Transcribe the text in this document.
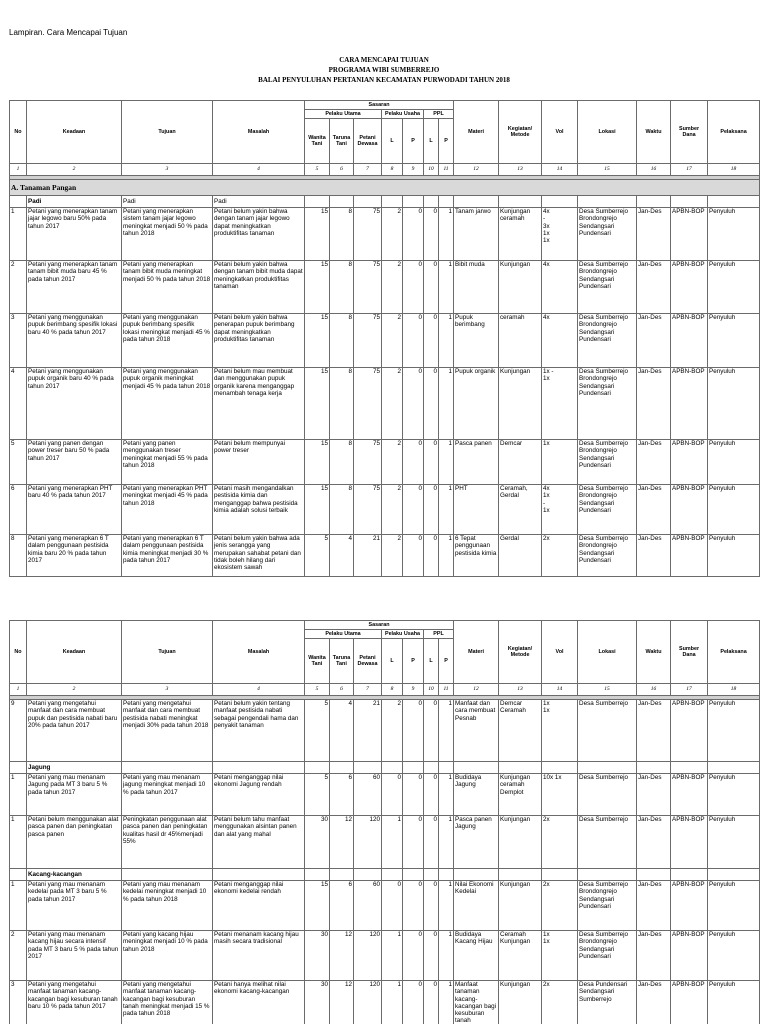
Lampiran. Cara Mencapai Tujuan
CARA MENCAPAI TUJUAN
PROGRAMA WIBI SUMBERREJO
BALAI PENYULUHAN PERTANIAN KECAMATAN PURWODADI TAHUN 2018
No	Keadaan	Tujuan	Masalah	Sasaran							Materi	Kegiatan/ Metode	Vol	Lokasi	Waktu	Sumber Dana	Pelaksana
				Pelaku Utama			Pelaku Usaha		PPL								
				Wanita Tani	Taruna Tani	Petani Dewasa	L	P	L	P							
1	2	3	4	5	6	7	8	9	10	11	12	13	14	15	16	17	18

A. Tanaman Pangan																	
	Padi	Padi	Padi														
1	Petani yang menerapkan tanam jajar legowo baru 50% pada tahun 2017	Petani yang menerapkan sistem tanam jajar legowo meningkat menjadi 50 % pada tahun 2018	Petani belum yakin bahwa dengan tanam jajar legowo dapat meningkatkan produktifitas tanaman	15	8	75	2	0	0	1	Tanam jarwo	Kunjungan ceramah	4x
-
3x
1x
1x	Desa Sumberrejo Brondongrejo Sendangsari Pundensari	Jan-Des	APBN-BOP	Penyuluh
2	Petani yang menerapkan tanam tanam bibit muda baru 45 % pada tahun 2017	Petani yang menerapkan tanam bibit muda meningkat menjadi 50 % pada tahun 2018	Petani belum yakin bahwa dengan tanam bibit muda dapat meningkatkan produktifitas tanaman	15	8	75	2	0	0	1	Bibit muda	Kunjungan	4x	Desa Sumberrejo Brondongrejo Sendangsari Pundensari	Jan-Des	APBN-BOP	Penyuluh
3	Petani yang menggunakan pupuk berimbang spesifik lokasi baru 40 % pada tahun 2017	Petani yang menggunakan pupuk berimbang spesifik lokasi meningkat menjadi 45 % pada tahun 2018	Petani belum yakin bahwa penerapan pupuk berimbang dapat meningkatkan produktifitas tanaman	15	8	75	2	0	0	1	Pupuk berimbang	ceramah	4x	Desa Sumberrejo Brondongrejo Sendangsari Pundensari	Jan-Des	APBN-BOP	Penyuluh
4	Petani yang menggunakan pupuk organik baru 40 % pada tahun 2017	Petani yang menggunakan pupuk organik meningkat menjadi 45 % pada tahun 2018	Petani belum mau membuat dan menggunakan pupuk organik karena menganggap menambah tenaga kerja	15	8	75	2	0	0	1	Pupuk organik	Kunjungan	1x -
1x	Desa Sumberrejo Brondongrejo Sendangsari Pundensari	Jan-Des	APBN-BOP	Penyuluh
5	Petani yang panen dengan power treser baru 50 % pada tahun 2017	Petani yang panen menggunakan treser meningkat menjadi 55 % pada tahun 2018	Petani belum mempunyai power treser	15	8	75	2	0	0	1	Pasca panen	Demcar	1x	Desa Sumberrejo Brondongrejo Sendangsari Pundensari	Jan-Des	APBN-BOP	Penyuluh
6	Petani yang menerapkan PHT baru 40 % pada tahun 2017	Petani yang menerapkan PHT meningkat menjadi 45 % pada tahun 2018	Petani masih mengandalkan pestisida kimia dan menganggap bahwa pestisida kimia adalah solusi terbaik	15	8	75	2	0	0	1	PHT	Ceramah, Gerdal	4x
1x
-
1x	Desa Sumberrejo Brondongrejo Sendangsari Pundensari	Jan-Des	APBN-BOP	Penyuluh
8	Petani yang menerapkan 6 T dalam penggunaan pestisida kimia baru 20 % pada tahun 2017	Petani yang menerapkan 6 T dalam penggunaan pestisida kimia meningkat menjadi 30 % pada tahun 2017	Petani belum yakin bahwa ada jenis serangga yang merupakan sahabat petani dan tidak boleh hilang dari ekosistem sawah	5	4	21	2	0	0	1	6 Tepat penggunaan pestisida kimia	Gerdal	2x	Desa Sumberrejo Brondongrejo Sendangsari Pundensari	Jan-Des	APBN-BOP	Penyuluh
No	Keadaan	Tujuan	Masalah	Sasaran							Materi	Kegiatan/ Metode	Vol	Lokasi	Waktu	Sumber Dana	Pelaksana
				Pelaku Utama			Pelaku Usaha		PPL								
				Wanita Tani	Taruna Tani	Petani Dewasa	L	P	L	P							
1	2	3	4	5	6	7	8	9	10	11	12	13	14	15	16	17	18

9	Petani yang mengetahui manfaat dan cara membuat pupuk dan pestisida nabati baru 20% pada tahun 2017	Petani yang mengetahui manfaat dan cara membuat pestisida nabati meningkat menjadi 30% pada tahun 2018	Petani belum yakin tentang manfaat pestisida nabati sebagai pengendali hama dan penyakit tanaman	5	4	21	2	0	0	1	Manfaat dan cara membuat Pesnab	Demcar Ceramah	1x
1x	Desa Sumberrejo	Jan-Des	APBN-BOP	Penyuluh
	Jagung																
1	Petani yang mau menanam Jagung pada MT 3 baru 5 % pada tahun 2017	Petani yang mau menanam jagung meningkat menjadi 10 % pada tahun 2017	Petani menganggap nilai ekonomi Jagung rendah	5	6	60	0	0	0	1	Budidaya Jagung	Kunjungan ceramah Demplot	10x 1x	Desa Sumberrejo	Jan-Des	APBN-BOP	Penyuluh
1	Petani belum menggunakan alat pasca panen dan peningkatan pasca panen	Peningkatan penggunaan alat pasca panen dan peningkatan kualitas hasil dr 45%menjadi 55%	Petani belum tahu manfaat menggunakan alsintan panen dan alat yang mahal	30	12	120	1	0	0	1	Pasca panen Jagung	Kunjungan	2x	Desa Sumberrejo	Jan-Des	APBN-BOP	Penyuluh
	Kacang-kacangan																
1	Petani yang mau menanam kedelai pada MT 3 baru 5 % pada tahun 2017	Petani yang mau menanam kedelai meningkat menjadi 10 % pada tahun 2018	Petani menganggap nilai ekonomi kedelai rendah	15	6	60	0	0	0	1	Nilai Ekonomi Kedelai	Kunjungan	2x	Desa Sumberrejo Brondongrejo Sendangsari Pundensari	Jan-Des	APBN-BOP	Penyuluh
2	Petani yang mau menanam kacang hijau secara intensif pada MT 3 baru 5 % pada tahun 2017	Petani yang kacang hijau meningkat menjadi 10 % pada tahun 2018	Petani menanam kacang hijau masih secara tradisional	30	12	120	1	0	0	1	Budidaya Kacang Hijau	Ceramah Kunjungan	1x
1x	Desa Sumberrejo Brondongrejo Sendangsari Pundensari	Jan-Des	APBN-BOP	Penyuluh
3	Petani yang mengetahui manfaat tanaman kacang-kacangan bagi kesuburan tanah baru 10 % pada tahun 2017	Petani yang mengetahui manfaat tanaman kacang-kacangan bagi kesuburan tanah meningkat menjadi 15 % pada tahun 2018	Petani hanya melihat nilai ekonomi kacang-kacangan	30	12	120	1	0	0	1	Manfaat tanaman kacang-kacangan bagi kesuburan tanah	Kunjungan	2x	Desa Pundensari Sendangsari Sumberrejo	Jan-Des	APBN-BOP	Penyuluh
